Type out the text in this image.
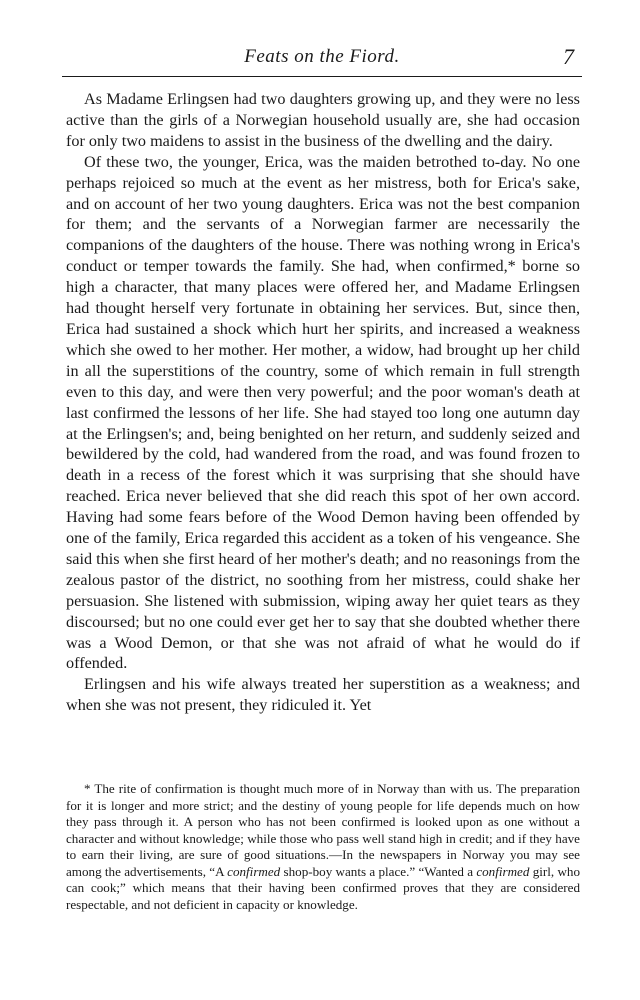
Feats on the Fiord.	7

As Madame Erlingsen had two daughters growing up, and they were no less active than the girls of a Norwegian household usually are, she had occasion for only two maidens to assist in the business of the dwelling and the dairy.

Of these two, the younger, Erica, was the maiden betrothed to-day. No one perhaps rejoiced so much at the event as her mistress, both for Erica's sake, and on account of her two young daughters. Erica was not the best companion for them; and the servants of a Norwegian farmer are necessarily the companions of the daughters of the house. There was nothing wrong in Erica's conduct or temper towards the family. She had, when confirmed,* borne so high a character, that many places were offered her, and Madame Erlingsen had thought herself very fortunate in obtaining her services. But, since then, Erica had sustained a shock which hurt her spirits, and increased a weakness which she owed to her mother. Her mother, a widow, had brought up her child in all the superstitions of the country, some of which remain in full strength even to this day, and were then very powerful; and the poor woman's death at last confirmed the lessons of her life. She had stayed too long one autumn day at the Erlingsen's; and, being benighted on her return, and suddenly seized and bewildered by the cold, had wandered from the road, and was found frozen to death in a recess of the forest which it was surprising that she should have reached. Erica never believed that she did reach this spot of her own accord. Having had some fears before of the Wood Demon having been offended by one of the family, Erica regarded this accident as a token of his vengeance. She said this when she first heard of her mother's death; and no reasonings from the zealous pastor of the district, no soothing from her mistress, could shake her persuasion. She listened with submission, wiping away her quiet tears as they discoursed; but no one could ever get her to say that she doubted whether there was a Wood Demon, or that she was not afraid of what he would do if offended.

Erlingsen and his wife always treated her superstition as a weakness; and when she was not present, they ridiculed it. Yet

* The rite of confirmation is thought much more of in Norway than with us. The preparation for it is longer and more strict; and the destiny of young people for life depends much on how they pass through it. A person who has not been confirmed is looked upon as one without a character and without knowledge; while those who pass well stand high in credit; and if they have to earn their living, are sure of good situations.—In the newspapers in Norway you may see among the advertisements, “A confirmed shop-boy wants a place.” “Wanted a confirmed girl, who can cook;” which means that their having been confirmed proves that they are considered respectable, and not deficient in capacity or knowledge.
